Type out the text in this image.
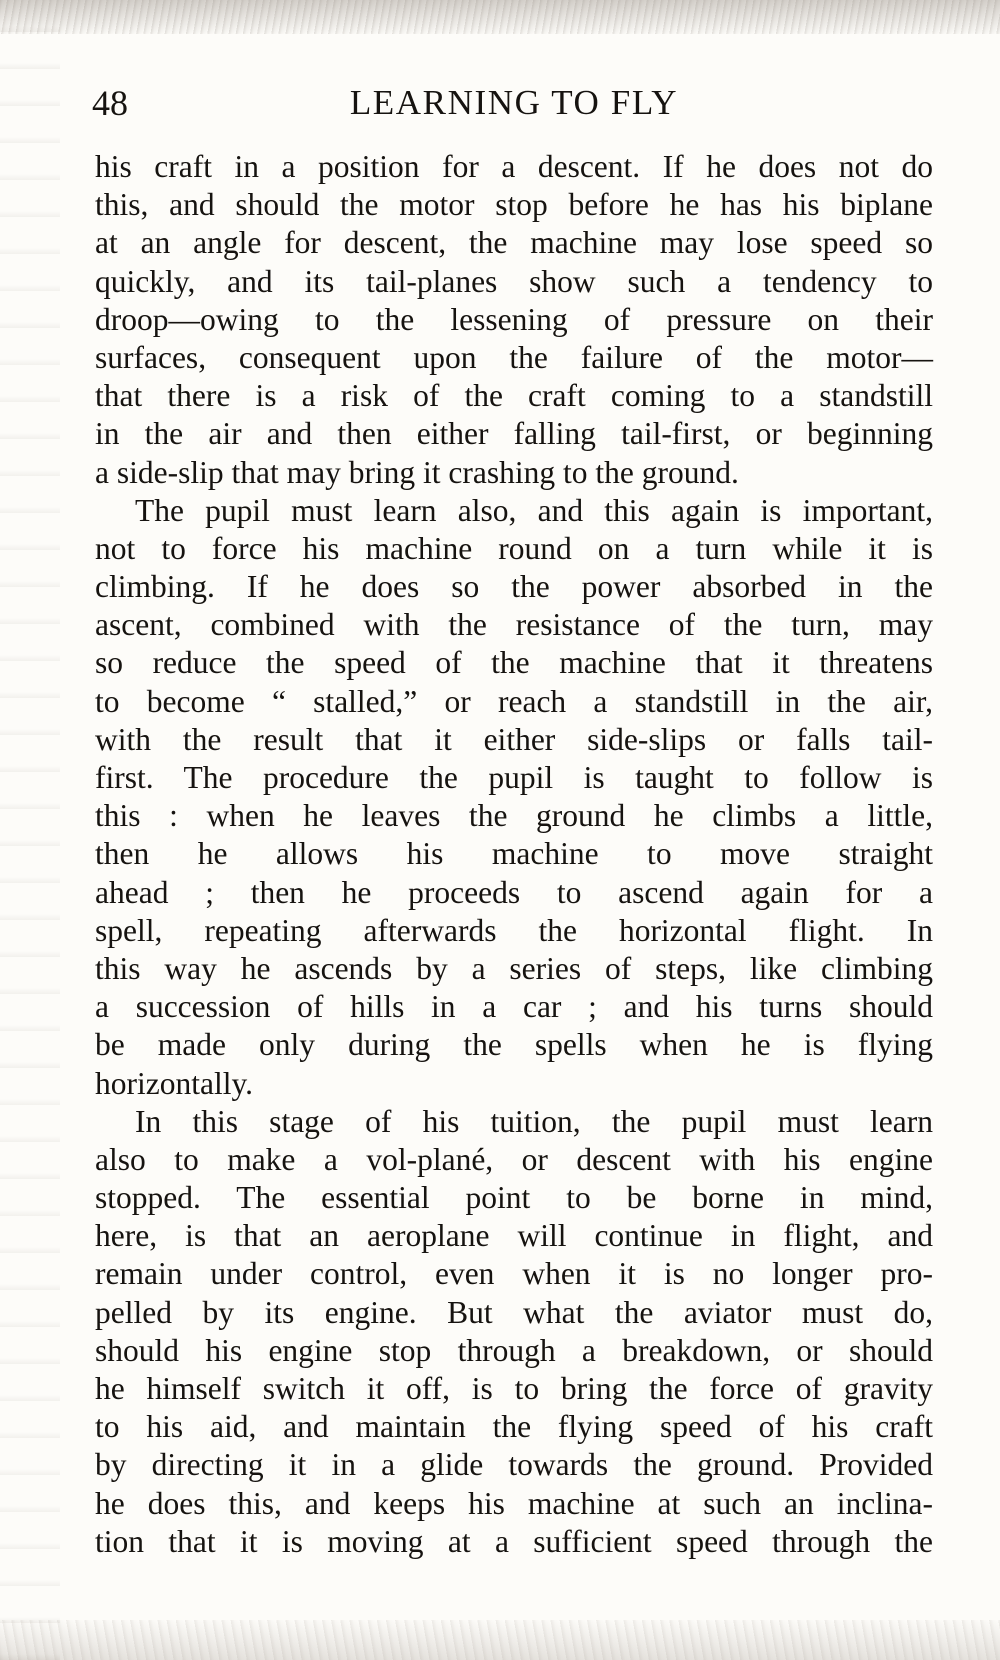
48	LEARNING TO FLY
his craft in a position for a descent. If he does not do
this, and should the motor stop before he has his biplane
at an angle for descent, the machine may lose speed so
quickly, and its tail-planes show such a tendency to
droop—owing to the lessening of pressure on their
surfaces, consequent upon the failure of the motor—
that there is a risk of the craft coming to a standstill
in the air and then either falling tail-first, or beginning
a side-slip that may bring it crashing to the ground.
The pupil must learn also, and this again is important,
not to force his machine round on a turn while it is
climbing. If he does so the power absorbed in the
ascent, combined with the resistance of the turn, may
so reduce the speed of the machine that it threatens
to become “ stalled,” or reach a standstill in the air,
with the result that it either side-slips or falls tail-
first. The procedure the pupil is taught to follow is
this : when he leaves the ground he climbs a little,
then he allows his machine to move straight
ahead ; then he proceeds to ascend again for a
spell, repeating afterwards the horizontal flight. In
this way he ascends by a series of steps, like climbing
a succession of hills in a car ; and his turns should
be made only during the spells when he is flying
horizontally.
In this stage of his tuition, the pupil must learn
also to make a vol-plané, or descent with his engine
stopped. The essential point to be borne in mind,
here, is that an aeroplane will continue in flight, and
remain under control, even when it is no longer pro-
pelled by its engine. But what the aviator must do,
should his engine stop through a breakdown, or should
he himself switch it off, is to bring the force of gravity
to his aid, and maintain the flying speed of his craft
by directing it in a glide towards the ground. Provided
he does this, and keeps his machine at such an inclina-
tion that it is moving at a sufficient speed through the
